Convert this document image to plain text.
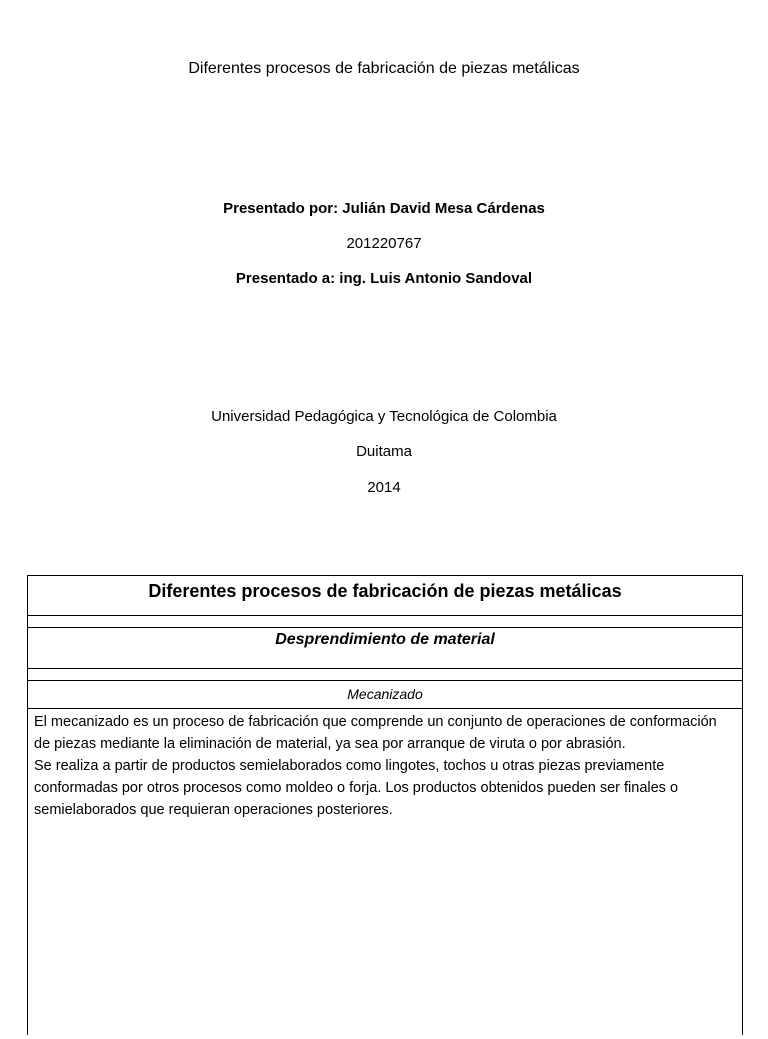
Diferentes procesos de fabricación de piezas metálicas
Presentado por: Julián David Mesa Cárdenas
201220767
Presentado a: ing. Luis Antonio Sandoval
Universidad Pedagógica y Tecnológica de Colombia
Duitama
2014
Diferentes procesos de fabricación de piezas metálicas
Desprendimiento de material
Mecanizado

El mecanizado es un proceso de fabricación que comprende un conjunto de operaciones de conformación de piezas mediante la eliminación de material, ya sea por arranque de viruta o por abrasión.

Se realiza a partir de productos semielaborados como lingotes, tochos u otras piezas previamente conformadas por otros procesos como moldeo o forja. Los productos obtenidos pueden ser finales o semielaborados que requieran operaciones posteriores.
